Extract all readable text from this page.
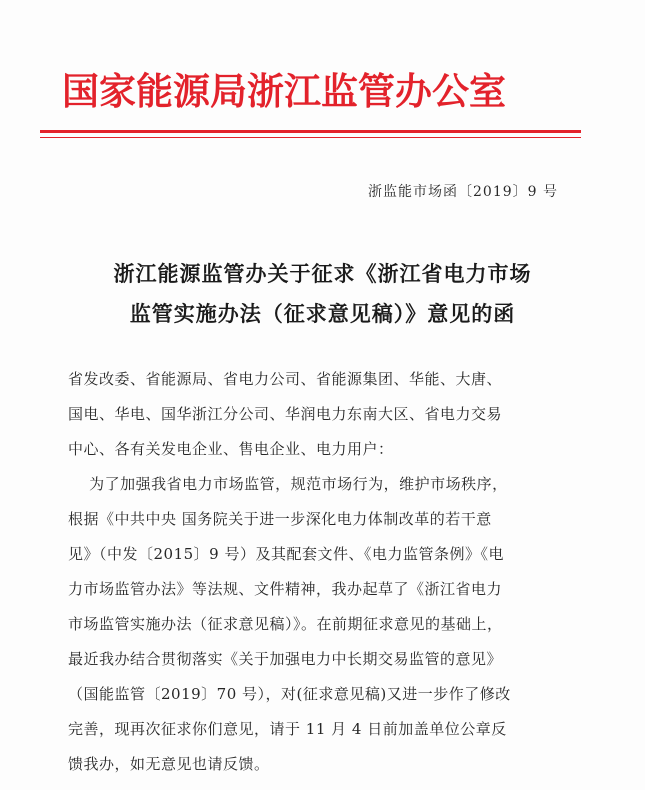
国家能源局浙江监管办公室
浙监能市场函〔2019〕9 号
浙江能源监管办关于征求《浙江省电力市场
监管实施办法（征求意见稿）》意见的函
省发改委、省能源局、省电力公司、省能源集团、华能、大唐、
国电、华电、国华浙江分公司、华润电力东南大区、省电力交易
中心、各有关发电企业、售电企业、电力用户：
为了加强我省电力市场监管，规范市场行为，维护市场秩序，
根据《中共中央 国务院关于进一步深化电力体制改革的若干意
见》（中发〔2015〕9 号）及其配套文件、《电力监管条例》《电
力市场监管办法》等法规、文件精神，我办起草了《浙江省电力
市场监管实施办法（征求意见稿）》。在前期征求意见的基础上，
最近我办结合贯彻落实《关于加强电力中长期交易监管的意见》
（国能监管〔2019〕70 号），对(征求意见稿)又进一步作了修改
完善，现再次征求你们意见，请于 11 月 4 日前加盖单位公章反
馈我办，如无意见也请反馈。
